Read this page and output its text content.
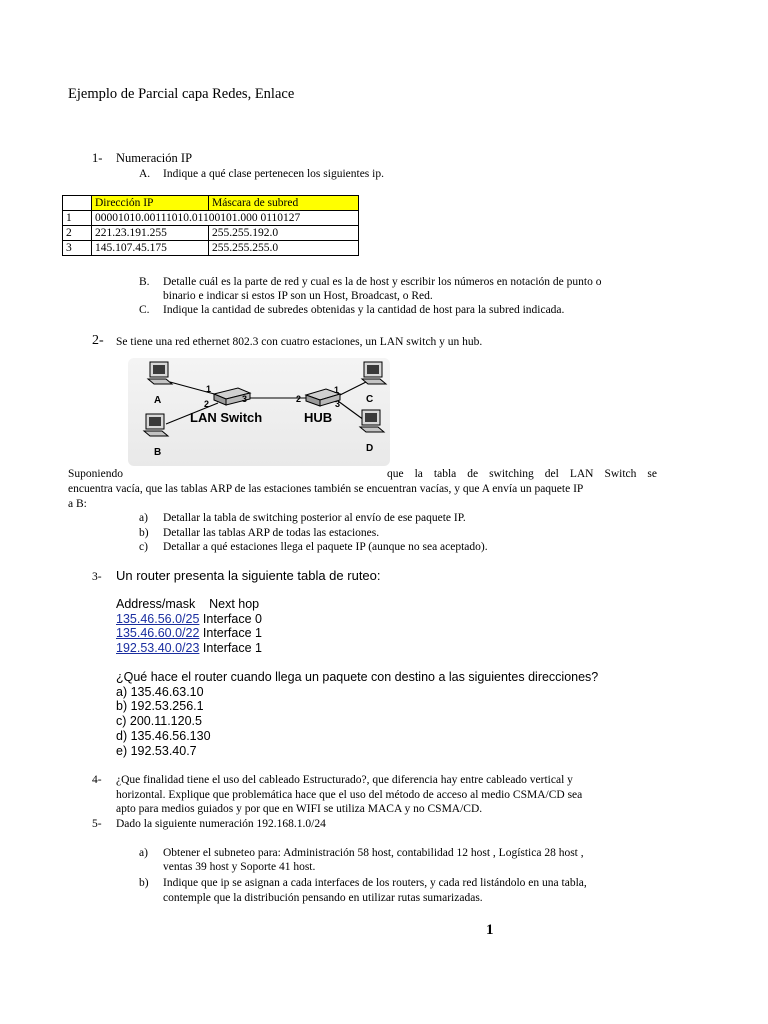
Ejemplo de Parcial capa Redes, Enlace
1- Numeración IP
A. Indique a qué clase pertenecen los siguientes ip.
	Dirección IP	Máscara de subred
1	00001010.00111010.01100101.000 0110127	
2	221.23.191.255	255.255.192.0
3	145.107.45.175	255.255.255.0
B. Detalle cuál es la parte de red y cual es la de host y escribir los números en notación de punto o
binario e indicar si estos IP son un Host, Broadcast, o Red.
C. Indique la cantidad de subredes obtenidas y la cantidad de host para la subred indicada.
2- Se tiene una red ethernet 802.3 con cuatro estaciones, un LAN switch y un hub.
A
B
C
D
1
2	3	2
1
3
LAN Switch	HUB
Suponiendo	que la tabla de switching del LAN Switch se
encuentra vacía, que las tablas ARP de las estaciones también se encuentran vacías, y que A envía un paquete IP
a B:
a) Detallar la tabla de switching posterior al envío de ese paquete IP.
b) Detallar las tablas ARP de todas las estaciones.
c) Detallar a qué estaciones llega el paquete IP (aunque no sea aceptado).
3- Un router presenta la siguiente tabla de ruteo:
Address/mask    Next hop
135.46.56.0/25 Interface 0
135.46.60.0/22 Interface 1
192.53.40.0/23 Interface 1
¿Qué hace el router cuando llega un paquete con destino a las siguientes direcciones?
a) 135.46.63.10
b) 192.53.256.1
c) 200.11.120.5
d) 135.46.56.130
e) 192.53.40.7
4- ¿Que finalidad tiene el uso del cableado Estructurado?, que diferencia hay entre cableado vertical y
horizontal. Explique que problemática hace que el uso del método de acceso al medio CSMA/CD sea
apto para medios guiados y por que en WIFI se utiliza MACA y no CSMA/CD.
5- Dado la siguiente numeración 192.168.1.0/24
a) Obtener el subneteo para: Administración 58 host, contabilidad 12 host , Logística 28 host ,
ventas 39 host y Soporte 41 host.
b) Indique que ip se asignan a cada interfaces de los routers, y cada red listándolo en una tabla,
contemple que la distribución pensando en utilizar rutas sumarizadas.
1
